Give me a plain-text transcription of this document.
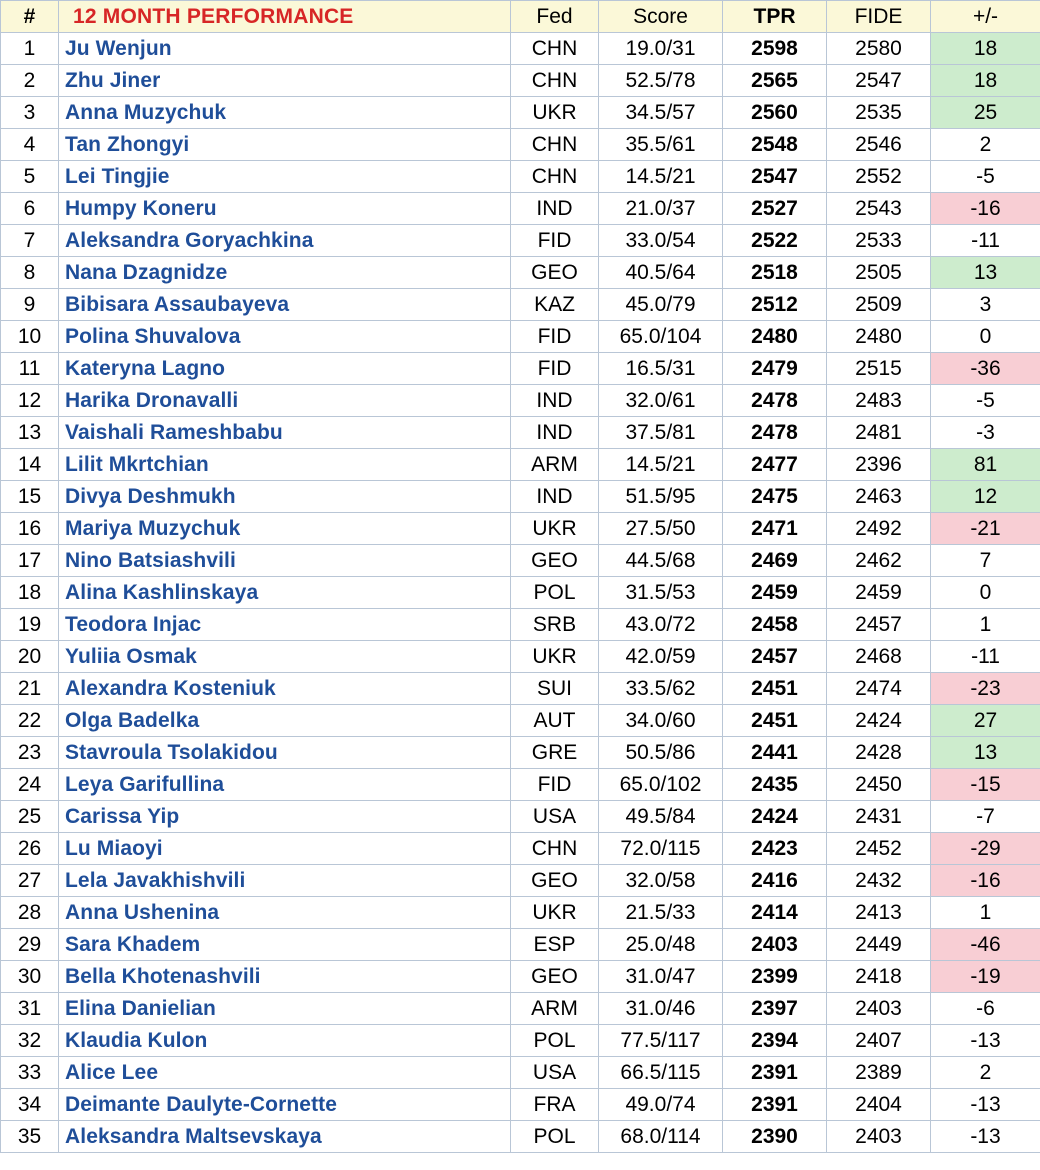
#	12 MONTH PERFORMANCE	Fed	Score	TPR	FIDE	+/-
1	Ju Wenjun	CHN	19.0/31	2598	2580	18
2	Zhu Jiner	CHN	52.5/78	2565	2547	18
3	Anna Muzychuk	UKR	34.5/57	2560	2535	25
4	Tan Zhongyi	CHN	35.5/61	2548	2546	2
5	Lei Tingjie	CHN	14.5/21	2547	2552	-5
6	Humpy Koneru	IND	21.0/37	2527	2543	-16
7	Aleksandra Goryachkina	FID	33.0/54	2522	2533	-11
8	Nana Dzagnidze	GEO	40.5/64	2518	2505	13
9	Bibisara Assaubayeva	KAZ	45.0/79	2512	2509	3
10	Polina Shuvalova	FID	65.0/104	2480	2480	0
11	Kateryna Lagno	FID	16.5/31	2479	2515	-36
12	Harika Dronavalli	IND	32.0/61	2478	2483	-5
13	Vaishali Rameshbabu	IND	37.5/81	2478	2481	-3
14	Lilit Mkrtchian	ARM	14.5/21	2477	2396	81
15	Divya Deshmukh	IND	51.5/95	2475	2463	12
16	Mariya Muzychuk	UKR	27.5/50	2471	2492	-21
17	Nino Batsiashvili	GEO	44.5/68	2469	2462	7
18	Alina Kashlinskaya	POL	31.5/53	2459	2459	0
19	Teodora Injac	SRB	43.0/72	2458	2457	1
20	Yuliia Osmak	UKR	42.0/59	2457	2468	-11
21	Alexandra Kosteniuk	SUI	33.5/62	2451	2474	-23
22	Olga Badelka	AUT	34.0/60	2451	2424	27
23	Stavroula Tsolakidou	GRE	50.5/86	2441	2428	13
24	Leya Garifullina	FID	65.0/102	2435	2450	-15
25	Carissa Yip	USA	49.5/84	2424	2431	-7
26	Lu Miaoyi	CHN	72.0/115	2423	2452	-29
27	Lela Javakhishvili	GEO	32.0/58	2416	2432	-16
28	Anna Ushenina	UKR	21.5/33	2414	2413	1
29	Sara Khadem	ESP	25.0/48	2403	2449	-46
30	Bella Khotenashvili	GEO	31.0/47	2399	2418	-19
31	Elina Danielian	ARM	31.0/46	2397	2403	-6
32	Klaudia Kulon	POL	77.5/117	2394	2407	-13
33	Alice Lee	USA	66.5/115	2391	2389	2
34	Deimante Daulyte-Cornette	FRA	49.0/74	2391	2404	-13
35	Aleksandra Maltsevskaya	POL	68.0/114	2390	2403	-13
